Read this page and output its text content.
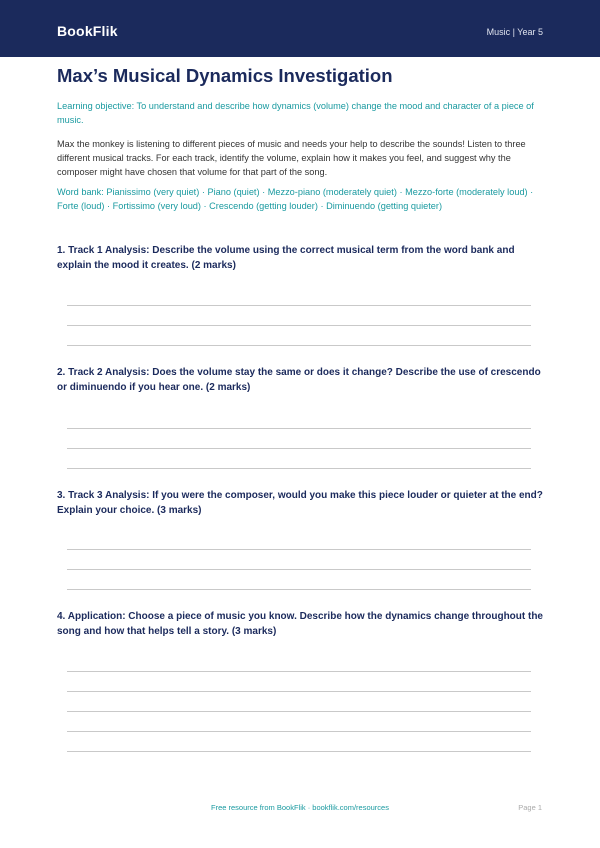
BookFlik	Music | Year 5
Max’s Musical Dynamics Investigation

Learning objective: To understand and describe how dynamics (volume) change the mood and character of a piece of music.

Max the monkey is listening to different pieces of music and needs your help to describe the sounds! Listen to three different musical tracks. For each track, identify the volume, explain how it makes you feel, and suggest why the composer might have chosen that volume for that part of the song.

Word bank: Pianissimo (very quiet) · Piano (quiet) · Mezzo-piano (moderately quiet) · Mezzo-forte (moderately loud) · Forte (loud) · Fortissimo (very loud) · Crescendo (getting louder) · Diminuendo (getting quieter)

1. Track 1 Analysis: Describe the volume using the correct musical term from the word bank and explain the mood it creates. (2 marks)

2. Track 2 Analysis: Does the volume stay the same or does it change? Describe the use of crescendo or diminuendo if you hear one. (2 marks)

3. Track 3 Analysis: If you were the composer, would you make this piece louder or quieter at the end? Explain your choice. (3 marks)

4. Application: Choose a piece of music you know. Describe how the dynamics change throughout the song and how that helps tell a story. (3 marks)

Free resource from BookFlik · bookflik.com/resources	Page 1
